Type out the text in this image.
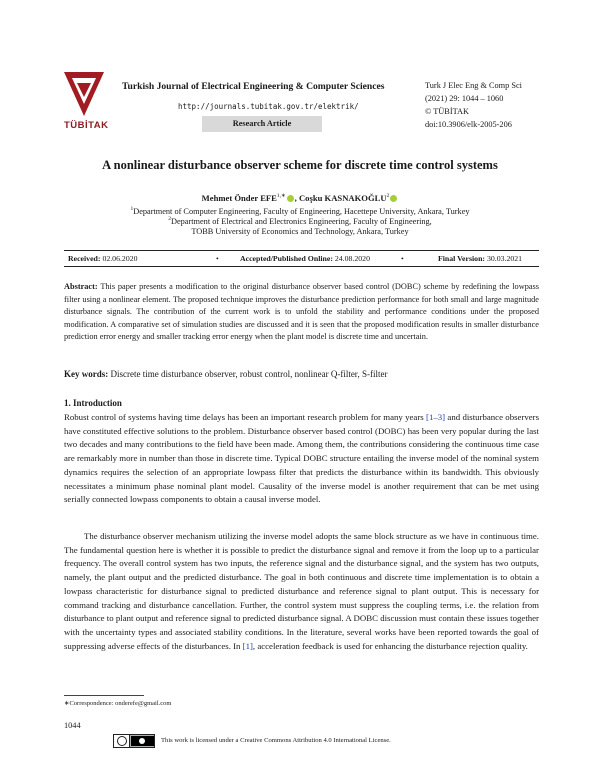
TÜBİTAK
Turkish Journal of Electrical Engineering & Computer Sciences
http://journals.tubitak.gov.tr/elektrik/
Research Article
Turk J Elec Eng & Comp Sci
(2021) 29: 1044 – 1060
© TÜBİTAK
doi:10.3906/elk-2005-206
A nonlinear disturbance observer scheme for discrete time control systems
Mehmet Önder $EFE^{1,∗}$ , Coşku KASNAKOĞLU$^2$
$^1$Department of Computer Engineering, Faculty of Engineering, Hacettepe University, Ankara, Turkey
$^2$Department of Electrical and Electronics Engineering, Faculty of Engineering,
TOBB University of Economics and Technology, Ankara, Turkey
Received: 02.06.2020	•	Accepted/Published Online: 24.08.2020	•	Final Version: 30.03.2021
Abstract: This paper presents a modification to the original disturbance observer based control (DOBC) scheme by redefining the lowpass filter using a nonlinear element. The proposed technique improves the disturbance prediction performance for both small and large magnitude disturbance signals. The contribution of the current work is to unfold the stability and performance conditions under the proposed modification. A comparative set of simulation studies are discussed and it is seen that the proposed modification results in smaller disturbance prediction error energy and smaller tracking error energy when the plant model is discrete time and uncertain.
Key words: Discrete time disturbance observer, robust control, nonlinear Q-filter, S-filter
1. Introduction
Robust control of systems having time delays has been an important research problem for many years [1–3] and disturbance observers have constituted effective solutions to the problem. Disturbance observer based control (DOBC) has been very popular during the last two decades and many contributions to the field have been made. Among them, the contributions considering the continuous time case are remarkably more in number than those in discrete time. Typical DOBC structure entailing the inverse model of the nominal system dynamics requires the selection of an appropriate lowpass filter that predicts the disturbance within its bandwidth. This obviously necessitates a minimum phase nominal plant model. Causality of the inverse model is another requirement that can be met using serially connected lowpass components to obtain a causal inverse model.
The disturbance observer mechanism utilizing the inverse model adopts the same block structure as we have in continuous time. The fundamental question here is whether it is possible to predict the disturbance signal and remove it from the loop up to a particular frequency. The overall control system has two inputs, the reference signal and the disturbance signal, and the system has two outputs, namely, the plant output and the predicted disturbance. The goal in both continuous and discrete time implementation is to obtain a lowpass characteristic for disturbance signal to predicted disturbance and reference signal to plant output. This is necessary for command tracking and disturbance cancellation. Further, the control system must suppress the coupling terms, i.e. the relation from disturbance to plant output and reference signal to predicted disturbance signal. A DOBC discussion must contain these issues together with the uncertainty types and associated stability conditions. In the literature, several works have been reported towards the goal of suppressing adverse effects of the disturbances. In [1], acceleration feedback is used for enhancing the disturbance rejection quality.
∗Correspondence: onderefe@gmail.com
1044
This work is licensed under a Creative Commons Attribution 4.0 International License.
